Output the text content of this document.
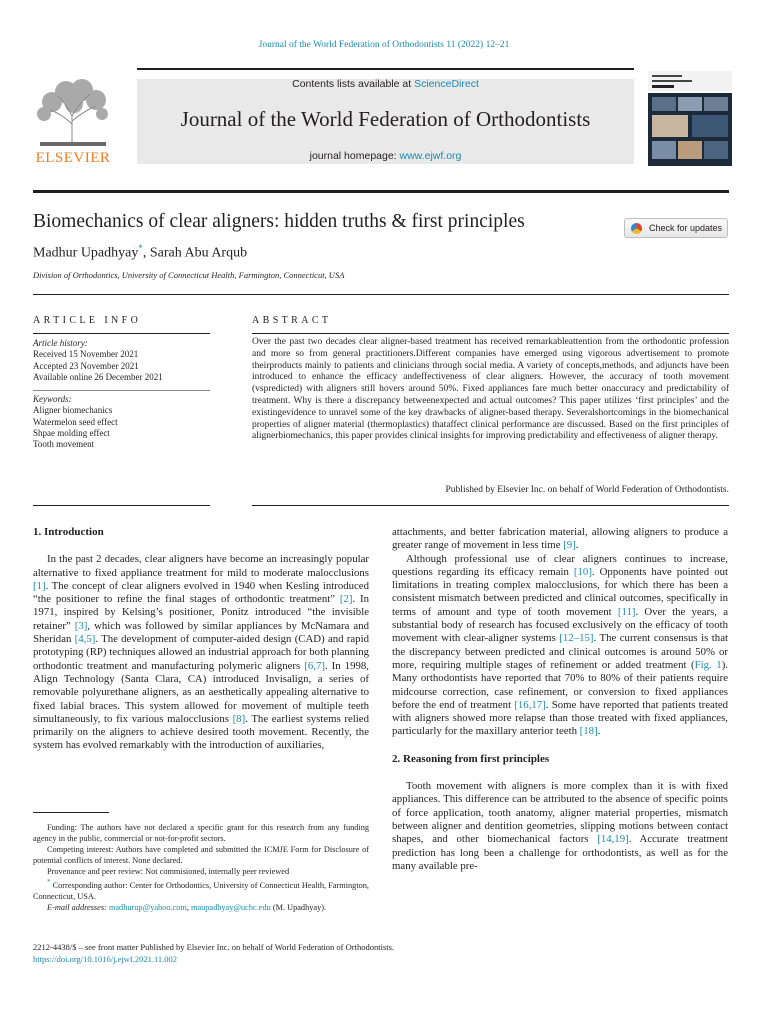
Journal of the World Federation of Orthodontists 11 (2022) 12–21
ELSEVIER
Contents lists available at ScienceDirect
Journal of the World Federation of Orthodontists
journal homepage: www.ejwf.org
Biomechanics of clear aligners: hidden truths & first principles	Check for updates
Madhur Upadhyay*, Sarah Abu Arqub
Division of Orthodontics, University of Connecticut Health, Farmington, Connecticut, USA
ARTICLE INFO
Article history:
Received 15 November 2021
Accepted 23 November 2021
Available online 26 December 2021
Keywords:
Aligner biomechanics
Watermelon seed effect
Shpae molding effect
Tooth movement
ABSTRACT
Over the past two decades clear aligner-based treatment has received remarkableattention from the orthodontic profession and more so from general practitioners.Different companies have emerged using vigorous advertisement to promote theirproducts mainly to patients and clinicians through social media. A variety of concepts,methods, and adjuncts have been introduced to enhance the efficacy andeffectiveness of clear aligners. However, the accuracy of tooth movement (vspredicted) with aligners still hovers around 50%. Fixed appliances fare much better onaccuracy and predictability of treatment. Why is there a discrepancy betweenexpected and actual outcomes? This paper utilizes ‘first principles’ and the existingevidence to unravel some of the key drawbacks of aligner-based therapy. Severalshortcomings in the biomechanical properties of aligner material (thermoplastics) thataffect clinical performance are discussed. Based on the first principles of alignerbiomechanics, this paper provides clinical insights for improving predictability and effectiveness of aligner therapy.
Published by Elsevier Inc. on behalf of World Federation of Orthodontists.

1. Introduction

In the past 2 decades, clear aligners have become an increasingly popular alternative to fixed appliance treatment for mild to moderate malocclusions [1]. The concept of clear aligners evolved in 1940 when Kesling introduced “the positioner to refine the final stages of orthodontic treatment” [2]. In 1971, inspired by Kelsing’s positioner, Ponitz introduced “the invisible retainer” [3], which was followed by similar appliances by McNamara and Sheridan [4,5]. The development of computer-aided design (CAD) and rapid prototyping (RP) techniques allowed an industrial approach for both planning orthodontic treatment and manufacturing polymeric aligners [6,7]. In 1998, Align Technology (Santa Clara, CA) introduced Invisalign, a series of removable polyurethane aligners, as an aesthetically appealing alternative to fixed labial braces. This system allowed for movement of multiple teeth simultaneously, to fix various malocclusions [8]. The earliest systems relied primarily on the aligners to achieve desired tooth movement. Recently, the system has evolved remarkably with the introduction of auxiliaries,

Funding: The authors have not declared a specific grant for this research from any funding agency in the public, commercial or not-for-profit sectors.

Competing interest: Authors have completed and submitted the ICMJE Form for Disclosure of potential conflicts of interest. None declared.

Provenance and peer review: Not commisioned, internally peer reviewed

* Corresponding author: Center for Orthodontics, University of Connecticut Health, Farmington, Connecticut, USA.

E-mail addresses: madhurup@yahoo.com, maupadhyay@uchc.edu (M. Upadhyay).

attachments, and better fabrication material, allowing aligners to produce a greater range of movement in less time [9].

Although professional use of clear aligners continues to increase, questions regarding its efficacy remain [10]. Opponents have pointed out limitations in treating complex malocclusions, for which there has been a consistent mismatch between predicted and clinical outcomes, specifically in terms of amount and type of tooth movement [11]. Over the years, a substantial body of research has focused exclusively on the efficacy of tooth movement with clear-aligner systems [12–15]. The current consensus is that the discrepancy between predicted and clinical outcomes is around 50% or more, requiring multiple stages of refinement or added treatment (Fig. 1). Many orthodontists have reported that 70% to 80% of their patients require midcourse correction, case refinement, or conversion to fixed appliances before the end of treatment [16,17]. Some have reported that patients treated with aligners showed more relapse than those treated with fixed appliances, particularly for the maxillary anterior teeth [18].

2. Reasoning from first principles

Tooth movement with aligners is more complex than it is with fixed appliances. This difference can be attributed to the absence of specific points of force application, tooth anatomy, aligner material properties, mismatch between aligner and dentition geometries, slipping motions between contact shapes, and other biomechanical factors [14,19]. Accurate treatment prediction has long been a challenge for orthodontists, as well as for the many available pre-

2212-4438/$ – see front matter Published by Elsevier Inc. on behalf of World Federation of Orthodontists.
https://doi.org/10.1016/j.ejwf.2021.11.002
